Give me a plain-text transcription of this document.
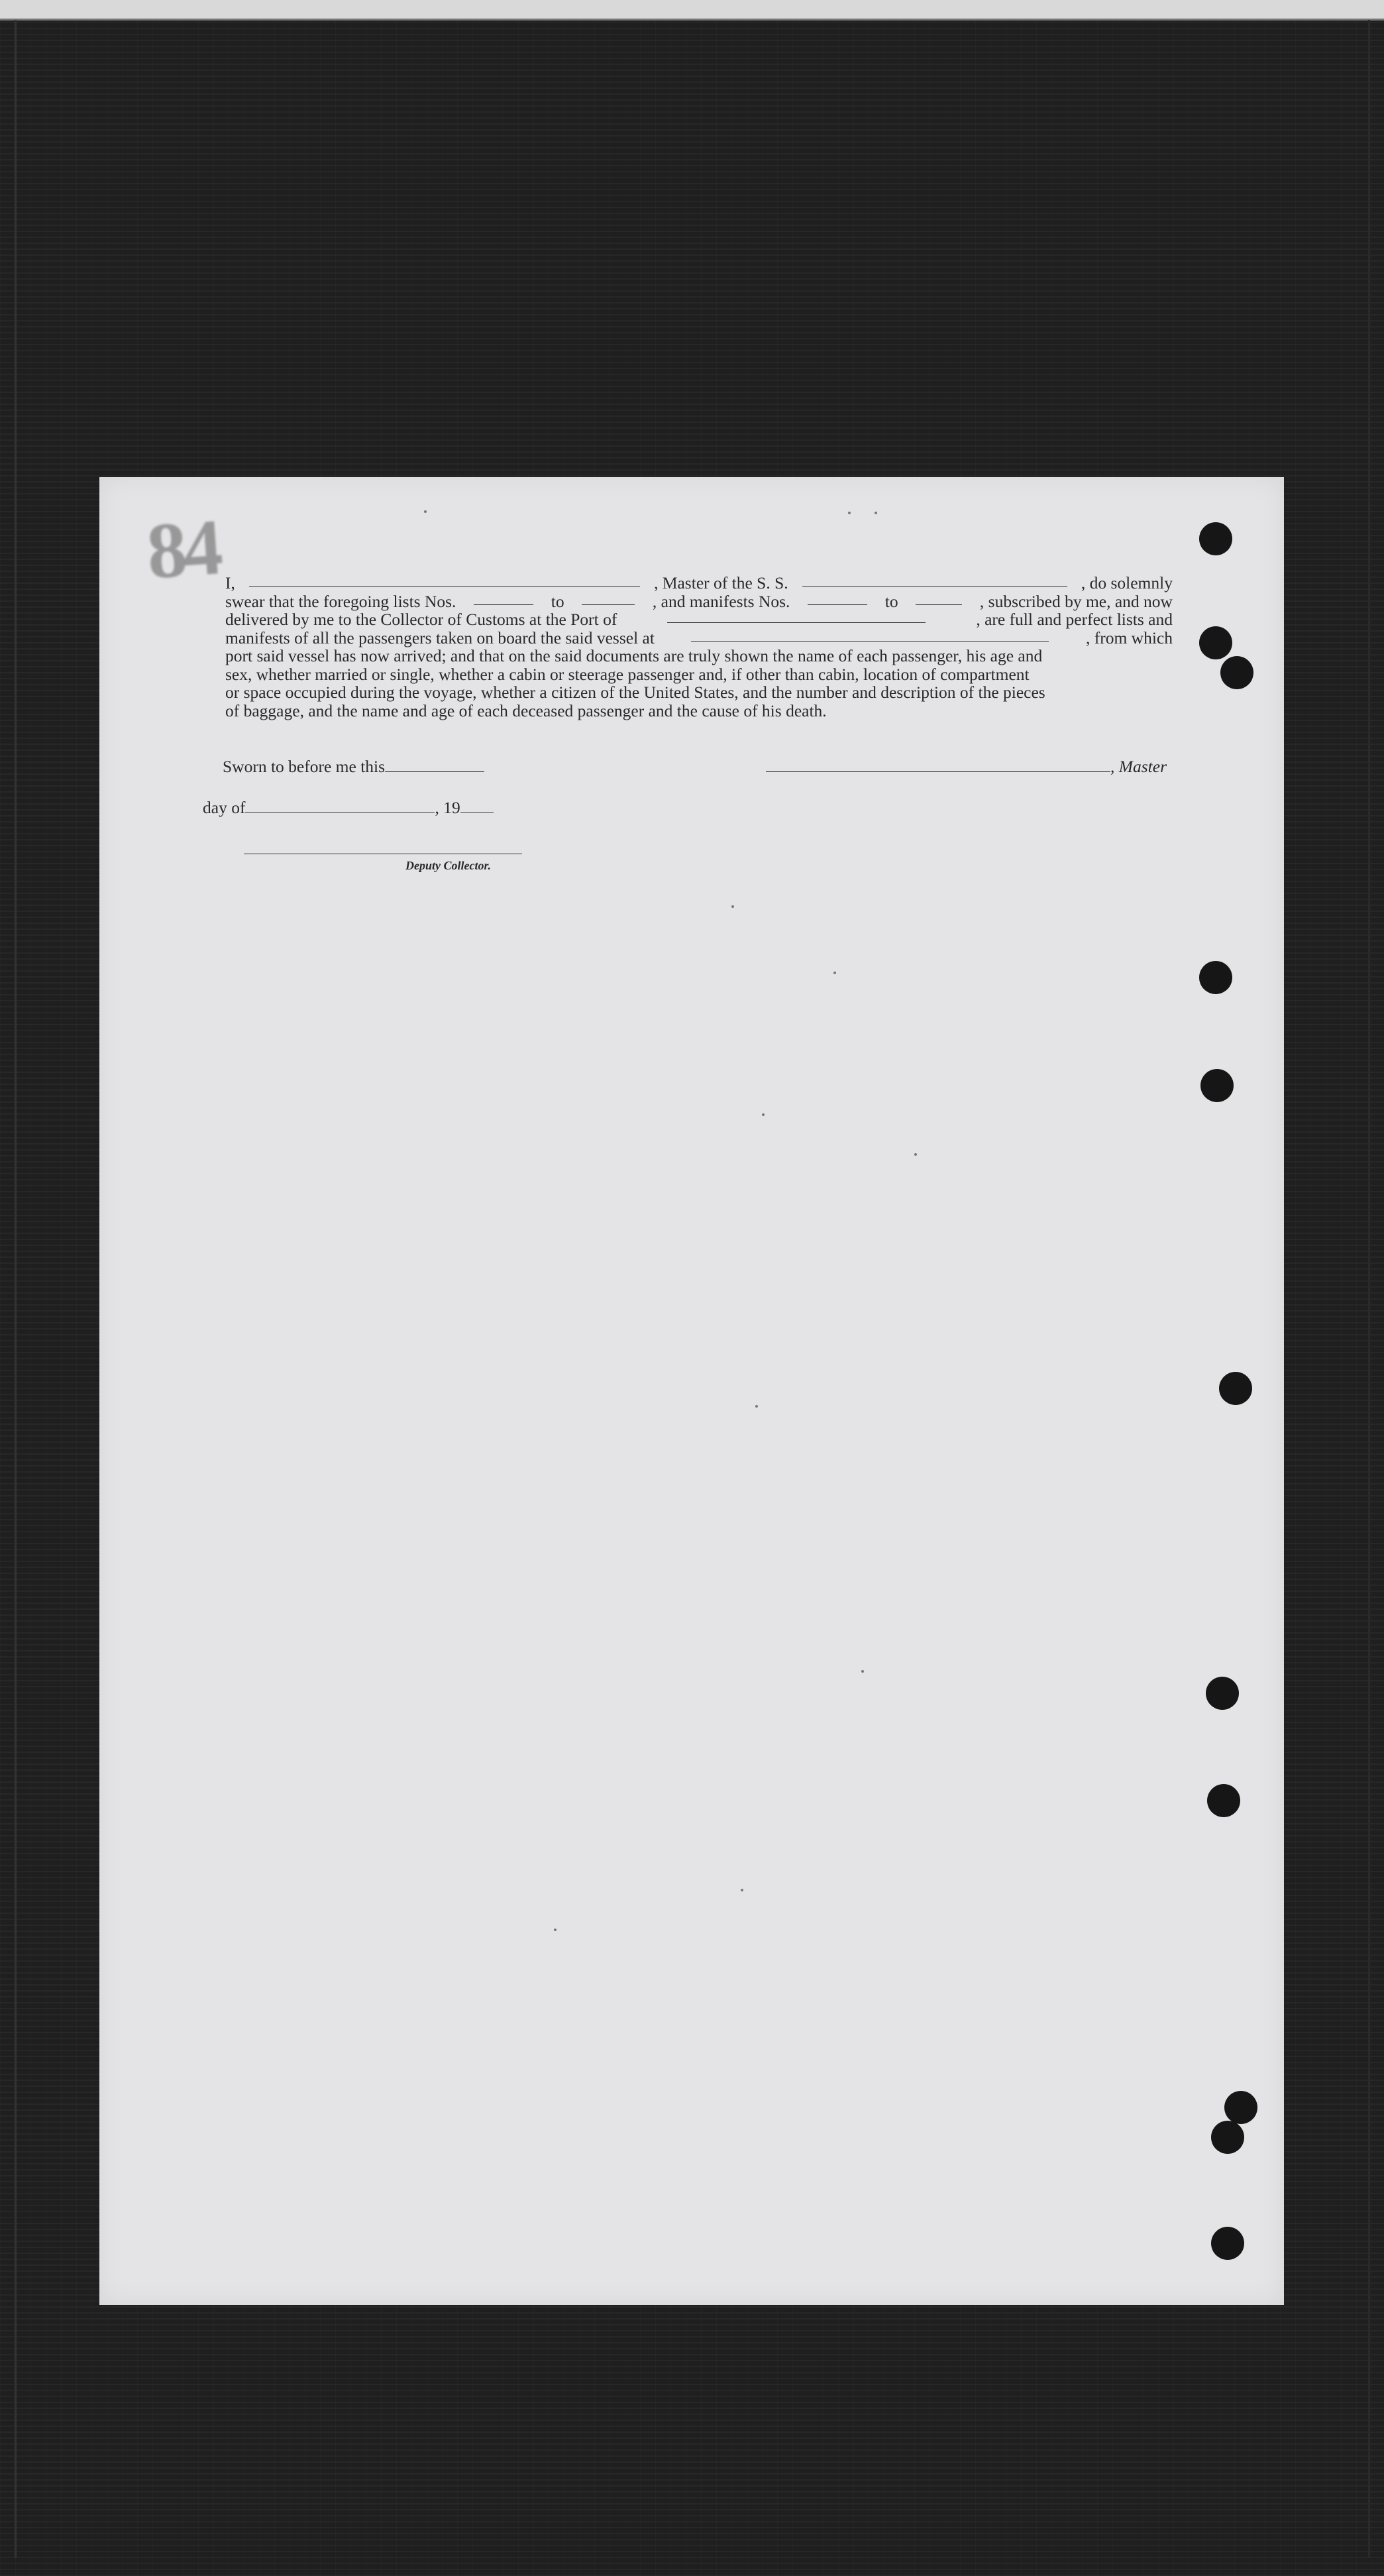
84 I,	, Master of the S. S.	, do solemnly
swear that the foregoing lists Nos.	to	, and manifests Nos.	to	, subscribed by me, and now
delivered by me to the Collector of Customs at the Port of	, are full and perfect lists and
manifests of all the passengers taken on board the said vessel at	, from which
port said vessel has now arrived; and that on the said documents are truly shown the name of each passenger, his age and
sex, whether married or single, whether a cabin or steerage passenger and, if other than cabin, location of compartment
or space occupied during the voyage, whether a citizen of the United States, and the number and description of the pieces
of baggage, and the name and age of each deceased passenger and the cause of his death.
Sworn to before me this	, Master
day of	, 19
Deputy Collector.
